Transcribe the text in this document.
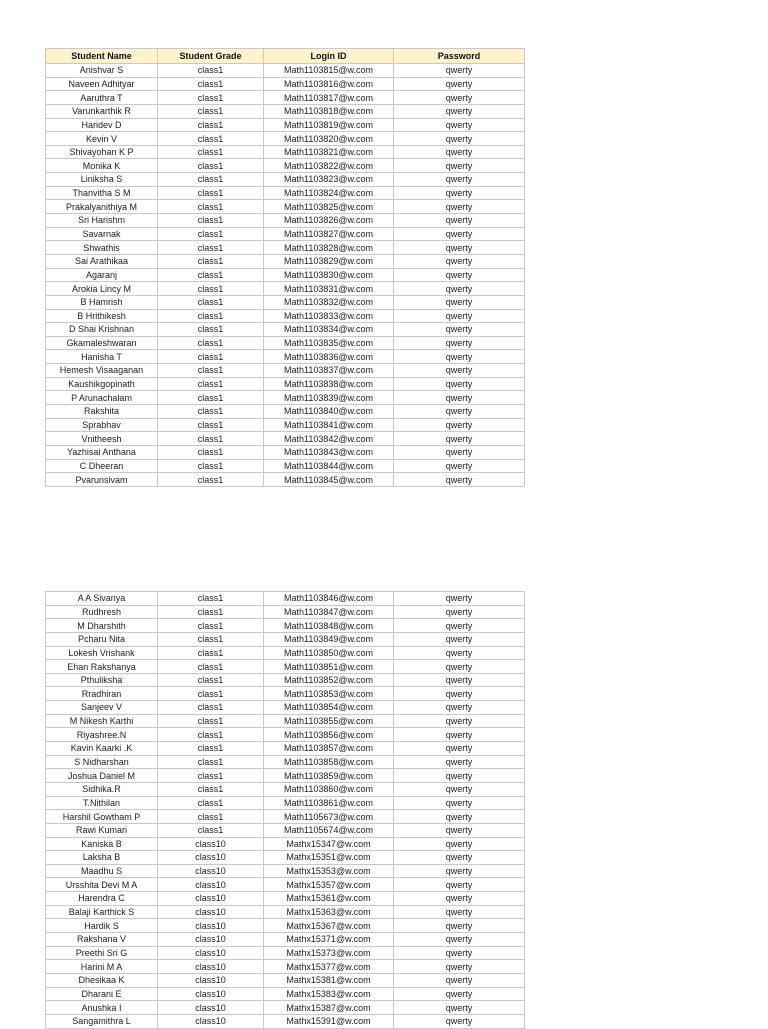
Student Name	Student Grade	Login ID	Password
Anishvar S	class1	Math1103815@w.com	qwerty
Naveen Adhityar	class1	Math1103816@w.com	qwerty
Aaruthra T	class1	Math1103817@w.com	qwerty
Varunkarthik R	class1	Math1103818@w.com	qwerty
Haridev D	class1	Math1103819@w.com	qwerty
Kevin V	class1	Math1103820@w.com	qwerty
Shivayohan K P	class1	Math1103821@w.com	qwerty
Monika K	class1	Math1103822@w.com	qwerty
Liniksha S	class1	Math1103823@w.com	qwerty
Thanvitha S M	class1	Math1103824@w.com	qwerty
Prakalyanithiya M	class1	Math1103825@w.com	qwerty
Sri Harishm	class1	Math1103826@w.com	qwerty
Savarnak	class1	Math1103827@w.com	qwerty
Shwathis	class1	Math1103828@w.com	qwerty
Sai Arathikaa	class1	Math1103829@w.com	qwerty
Agaranj	class1	Math1103830@w.com	qwerty
Arokia Lincy M	class1	Math1103831@w.com	qwerty
B Hamrish	class1	Math1103832@w.com	qwerty
B Hrithikesh	class1	Math1103833@w.com	qwerty
D Shai Krishnan	class1	Math1103834@w.com	qwerty
Gkamaleshwaran	class1	Math1103835@w.com	qwerty
Hanisha T	class1	Math1103836@w.com	qwerty
Hemesh Visaaganan	class1	Math1103837@w.com	qwerty
Kaushikgopinath	class1	Math1103838@w.com	qwerty
P Arunachalam	class1	Math1103839@w.com	qwerty
Rakshita	class1	Math1103840@w.com	qwerty
Sprabhav	class1	Math1103841@w.com	qwerty
Vnitheesh	class1	Math1103842@w.com	qwerty
Yazhisai Anthana	class1	Math1103843@w.com	qwerty
C Dheeran	class1	Math1103844@w.com	qwerty
Pvarunsivam	class1	Math1103845@w.com	qwerty
A A Sivanya	class1	Math1103846@w.com	qwerty
Rudhresh	class1	Math1103847@w.com	qwerty
M Dharshith	class1	Math1103848@w.com	qwerty
Pcharu Nita	class1	Math1103849@w.com	qwerty
Lokesh Vrishank	class1	Math1103850@w.com	qwerty
Ehan Rakshanya	class1	Math1103851@w.com	qwerty
Pthuliksha	class1	Math1103852@w.com	qwerty
Rradhiran	class1	Math1103853@w.com	qwerty
Sanjeev V	class1	Math1103854@w.com	qwerty
M Nikesh Karthi	class1	Math1103855@w.com	qwerty
Riyashree.N	class1	Math1103856@w.com	qwerty
Kavin Kaarki .K	class1	Math1103857@w.com	qwerty
S Nidharshan	class1	Math1103858@w.com	qwerty
Joshua Daniel M	class1	Math1103859@w.com	qwerty
Sidhika.R	class1	Math1103860@w.com	qwerty
T.Nithilan	class1	Math1103861@w.com	qwerty
Harshil Gowtham P	class1	Math1105673@w.com	qwerty
Rawi Kumari	class1	Math1105674@w.com	qwerty
Kaniska B	class10	Mathx15347@w.com	qwerty
Laksha B	class10	Mathx15351@w.com	qwerty
Maadhu S	class10	Mathx15353@w.com	qwerty
Ursshita Devi M A	class10	Mathx15357@w.com	qwerty
Harendra C	class10	Mathx15361@w.com	qwerty
Balaji Karthick S	class10	Mathx15363@w.com	qwerty
Hardik S	class10	Mathx15367@w.com	qwerty
Rakshana V	class10	Mathx15371@w.com	qwerty
Preethi Sri G	class10	Mathx15373@w.com	qwerty
Harini M A	class10	Mathx15377@w.com	qwerty
Dhesikaa K	class10	Mathx15381@w.com	qwerty
Dharani E	class10	Mathx15383@w.com	qwerty
Anushka I	class10	Mathx15387@w.com	qwerty
Sangamithra L	class10	Mathx15391@w.com	qwerty
